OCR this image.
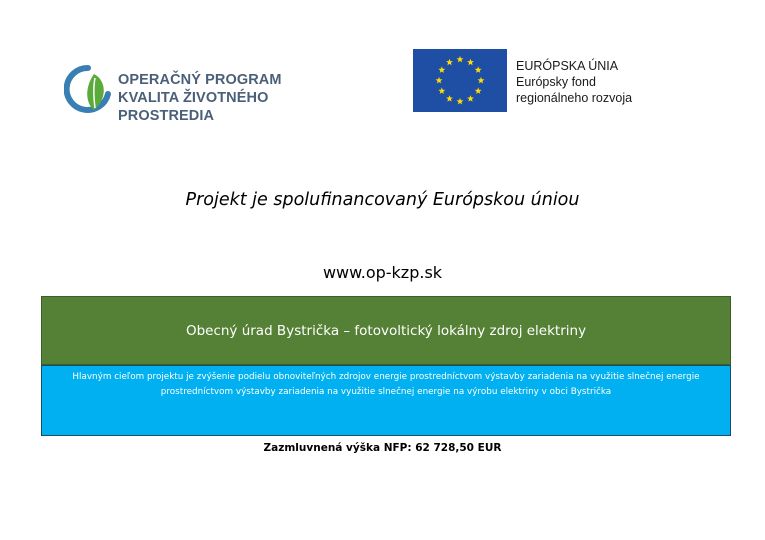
OPERAČNÝ PROGRAM
KVALITA ŽIVOTNÉHO PROSTREDIA
EURÓPSKA ÚNIA
Európsky fond
regionálneho rozvoja
Projekt je spolufinancovaný Európskou úniou
www.op-kzp.sk
Obecný úrad Bystrička – fotovoltický lokálny zdroj elektriny

Hlavným cieľom projektu je zvýšenie podielu obnoviteľných zdrojov energie prostredníctvom výstavby zariadenia na využitie slnečnej energie prostredníctvom výstavby zariadenia na využitie slnečnej energie na výrobu elektriny v obci Bystrička

Zazmluvnená výška NFP: 62 728,50 EUR
